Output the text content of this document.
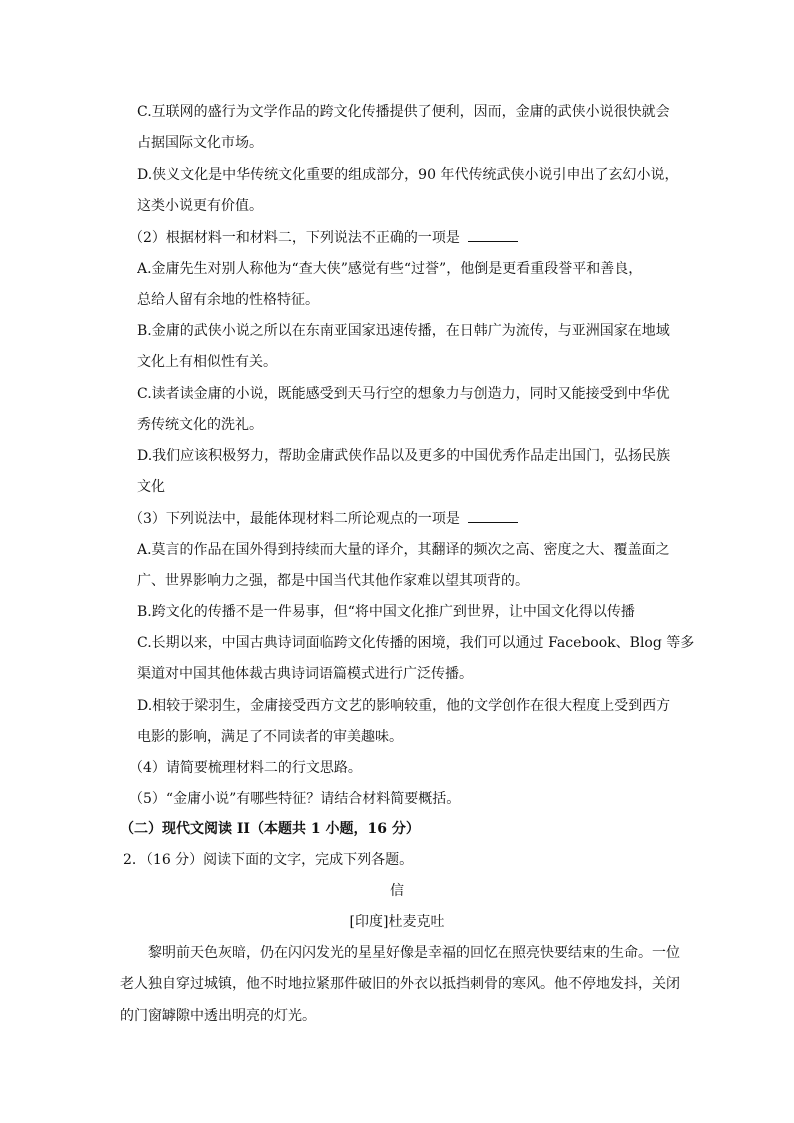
C.互联网的盛行为文学作品的跨文化传播提供了便利，因而，金庸的武侠小说很快就会
占据国际文化市场。
D.侠义文化是中华传统文化重要的组成部分，90 年代传统武侠小说引申出了玄幻小说，
这类小说更有价值。
（2）根据材料一和材料二，下列说法不正确的一项是
A.金庸先生对别人称他为“查大侠”感觉有些“过誉”，他倒是更看重段誉平和善良，
总给人留有余地的性格特征。
B.金庸的武侠小说之所以在东南亚国家迅速传播，在日韩广为流传，与亚洲国家在地域
文化上有相似性有关。
C.读者读金庸的小说，既能感受到天马行空的想象力与创造力，同时又能接受到中华优
秀传统文化的洗礼。
D.我们应该积极努力，帮助金庸武侠作品以及更多的中国优秀作品走出国门，弘扬民族
文化
（3）下列说法中，最能体现材料二所论观点的一项是
A.莫言的作品在国外得到持续而大量的译介，其翻译的频次之高、密度之大、覆盖面之
广、世界影响力之强，都是中国当代其他作家难以望其项背的。
B.跨文化的传播不是一件易事，但“将中国文化推广到世界，让中国文化得以传播
C.长期以来，中国古典诗词面临跨文化传播的困境，我们可以通过 Facebook、Blog 等多
渠道对中国其他体裁古典诗词语篇模式进行广泛传播。
D.相较于梁羽生，金庸接受西方文艺的影响较重，他的文学创作在很大程度上受到西方
电影的影响，满足了不同读者的审美趣味。
（4）请简要梳理材料二的行文思路。
（5）“金庸小说”有哪些特征？请结合材料简要概括。
（二）现代文阅读 II（本题共 1 小题，16 分）
2．（16 分）阅读下面的文字，完成下列各题。
信
[印度]杜麦克吐
黎明前天色灰暗，仍在闪闪发光的星星好像是幸福的回忆在照亮快要结束的生命。一位
老人独自穿过城镇，他不时地拉紧那件破旧的外衣以抵挡刺骨的寒风。他不停地发抖，关闭
的门窗罅隙中透出明亮的灯光。
